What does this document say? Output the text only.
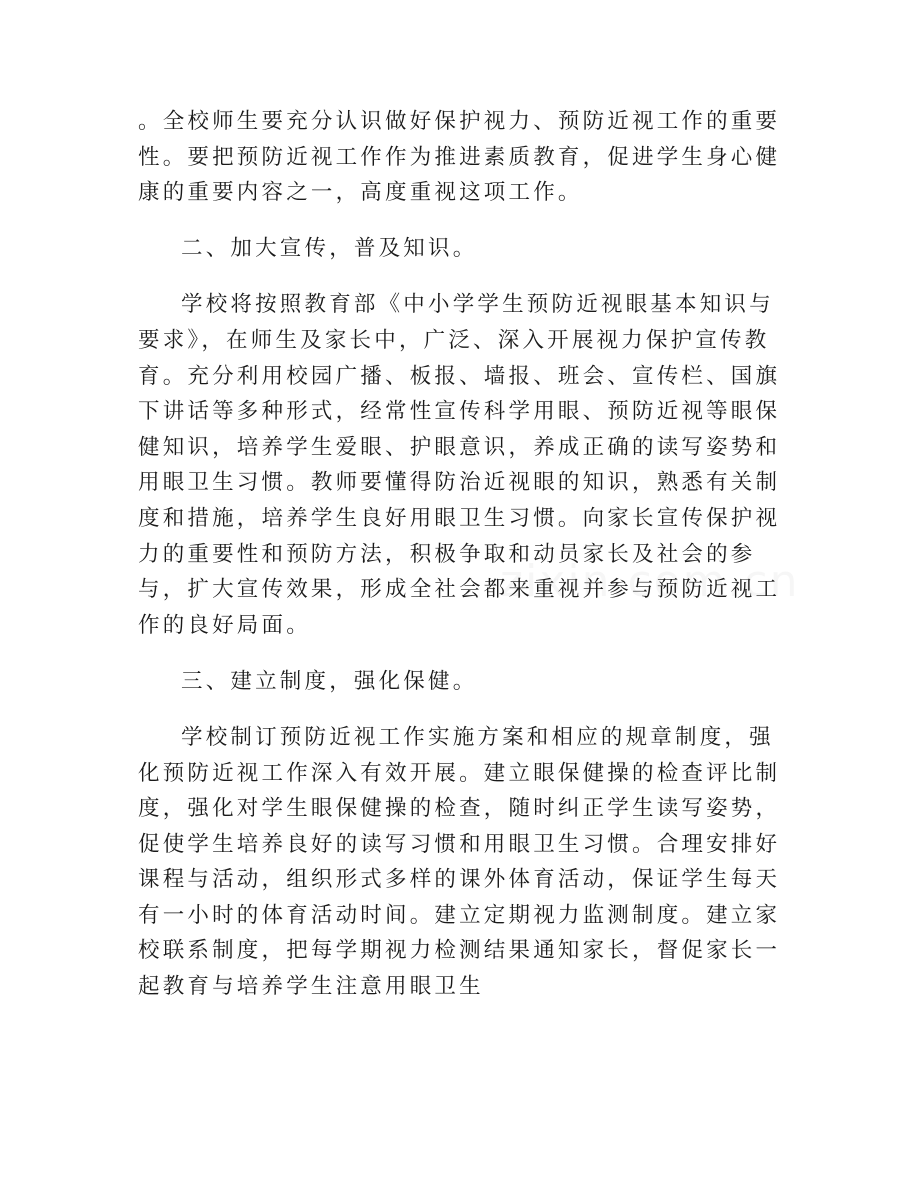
。全校师生要充分认识做好保护视力、预防近视工作的重要性。要把预防近视工作作为推进素质教育，促进学生身心健康的重要内容之一，高度重视这项工作。

二、加大宣传，普及知识。

学校将按照教育部《中小学学生预防近视眼基本知识与要求》，在师生及家长中，广泛、深入开展视力保护宣传教育。充分利用校园广播、板报、墙报、班会、宣传栏、国旗下讲话等多种形式，经常性宣传科学用眼、预防近视等眼保健知识，培养学生爱眼、护眼意识，养成正确的读写姿势和用眼卫生习惯。教师要懂得防治近视眼的知识，熟悉有关制度和措施，培养学生良好用眼卫生习惯。向家长宣传保护视力的重要性和预防方法，积极争取和动员家长及社会的参与，扩大宣传效果，形成全社会都来重视并参与预防近视工作的良好局面。

三、建立制度，强化保健。

学校制订预防近视工作实施方案和相应的规章制度，强化预防近视工作深入有效开展。建立眼保健操的检查评比制度，强化对学生眼保健操的检查，随时纠正学生读写姿势，促使学生培养良好的读写习惯和用眼卫生习惯。合理安排好课程与活动，组织形式多样的课外体育活动，保证学生每天有一小时的体育活动时间。建立定期视力监测制度。建立家校联系制度，把每学期视力检测结果通知家长，督促家长一起教育与培养学生注意用眼卫生
